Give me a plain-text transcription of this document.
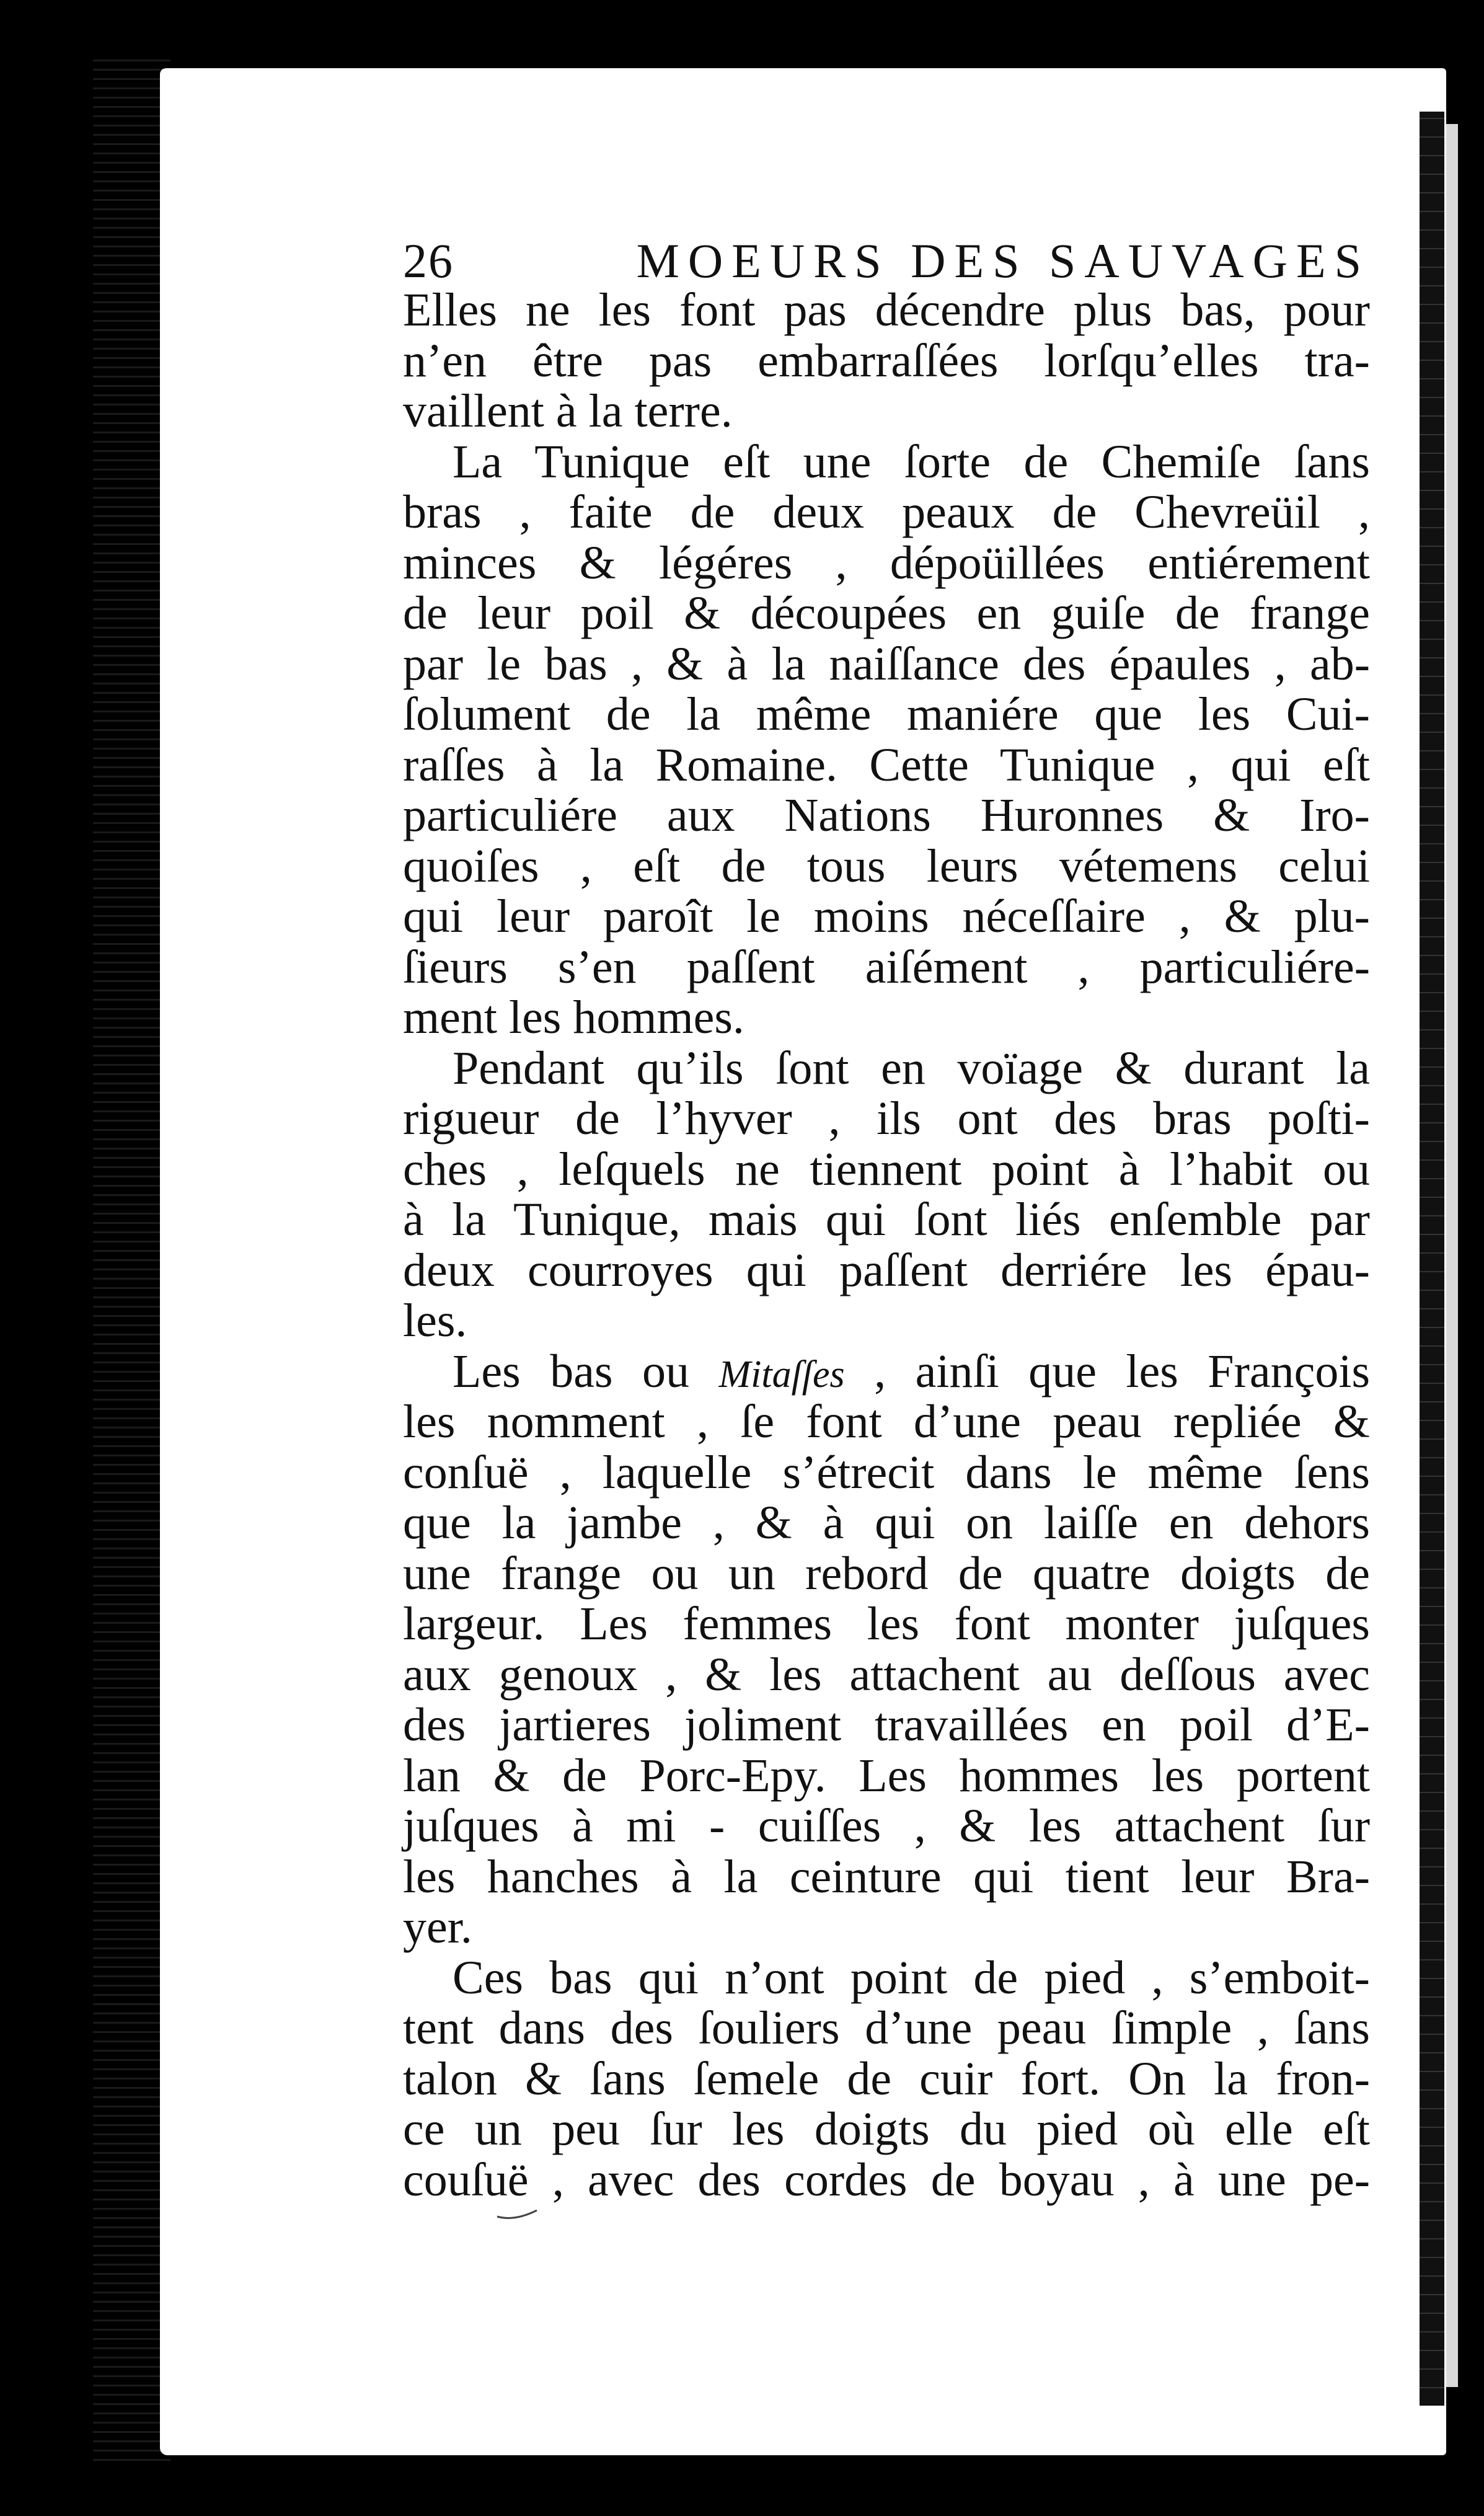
26	MOEURS DES SAUVAGES
Elles ne les font pas décendre plus bas, pour
n’en être pas embarraſſées lorſqu’elles tra-
vaillent à la terre.
La Tunique eſt une ſorte de Chemiſe ſans
bras , faite de deux peaux de Chevreüil ,
minces & légéres , dépoüillées entiérement
de leur poil & découpées en guiſe de frange
par le bas , & à la naiſſance des épaules , ab-
ſolument de la même maniére que les Cui-
raſſes à la Romaine. Cette Tunique , qui eſt
particuliére aux Nations Huronnes & Iro-
quoiſes , eſt de tous leurs vétemens celui
qui leur paroît le moins néceſſaire , & plu-
ſieurs s’en paſſent aiſément , particuliére-
ment les hommes.
Pendant qu’ils ſont en voïage & durant la
rigueur de l’hyver , ils ont des bras poſti-
ches , leſquels ne tiennent point à l’habit ou
à la Tunique, mais qui ſont liés enſemble par
deux courroyes qui paſſent derriére les épau-
les.
Les bas ou Mitaſſes , ainſi que les François
les nomment , ſe font d’une peau repliée &
conſuë , laquelle s’étrecit dans le même ſens
que la jambe , & à qui on laiſſe en dehors
une frange ou un rebord de quatre doigts de
largeur. Les femmes les font monter juſques
aux genoux , & les attachent au deſſous avec
des jartieres joliment travaillées en poil d’E-
lan & de Porc-Epy. Les hommes les portent
juſques à mi - cuiſſes , & les attachent ſur
les hanches à la ceinture qui tient leur Bra-
yer.
Ces bas qui n’ont point de pied , s’emboit-
tent dans des ſouliers d’une peau ſimple , ſans
talon & ſans ſemele de cuir fort. On la fron-
ce un peu ſur les doigts du pied où elle eſt
couſuë , avec des cordes de boyau , à une pe-
